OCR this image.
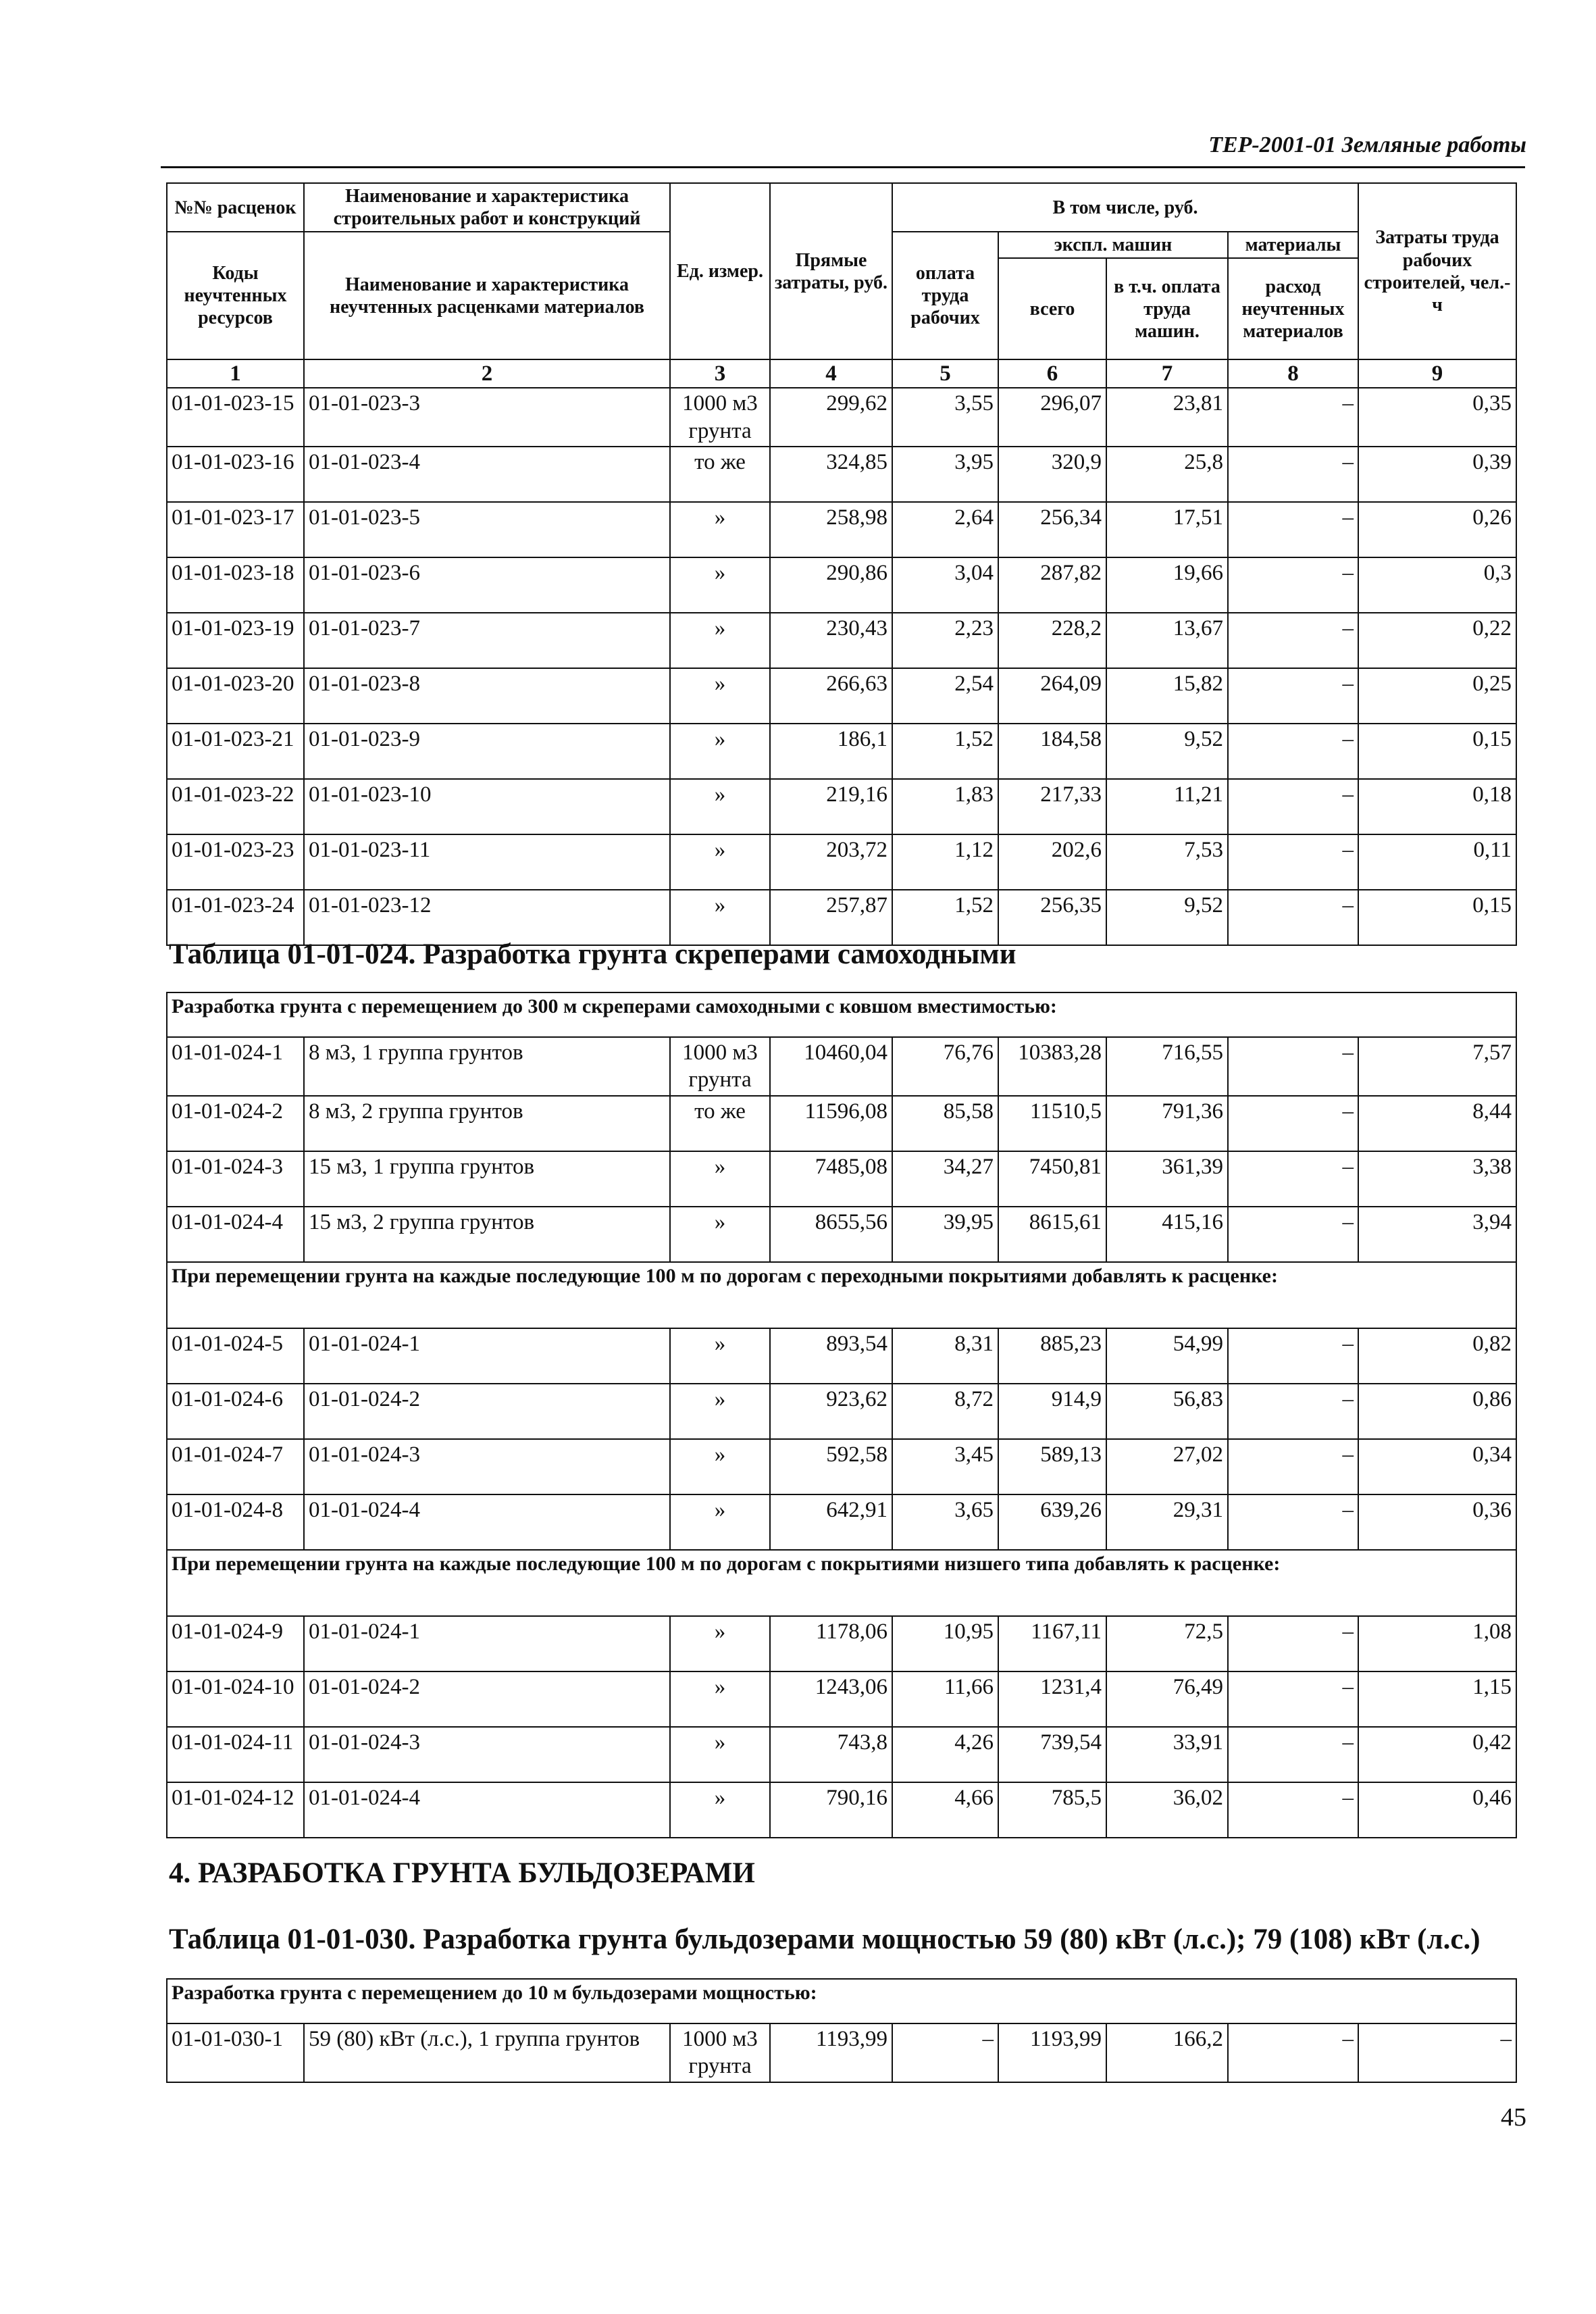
ТЕР-2001-01 Земляные работы
№№ расценок	Наименование и характеристика строительных работ и конструкций	Ед. измер.	Прямые затраты, руб.	В том числе, руб.				Затраты труда рабочих строителей, чел.-ч
Коды неучтенных ресурсов	Наименование и характеристика неучтенных расценками материалов			оплата труда рабочих	экспл. машин		материалы	
					всего	в т.ч. оплата труда машин.	расход неучтенных материалов	

1	2	3	4	5	6	7	8	9
01-01-023-15	01-01-023-3	1000 м3 грунта	299,62	3,55	296,07	23,81	–	0,35
01-01-023-16	01-01-023-4	то же	324,85	3,95	320,9	25,8	–	0,39
01-01-023-17	01-01-023-5	»	258,98	2,64	256,34	17,51	–	0,26
01-01-023-18	01-01-023-6	»	290,86	3,04	287,82	19,66	–	0,3
01-01-023-19	01-01-023-7	»	230,43	2,23	228,2	13,67	–	0,22
01-01-023-20	01-01-023-8	»	266,63	2,54	264,09	15,82	–	0,25
01-01-023-21	01-01-023-9	»	186,1	1,52	184,58	9,52	–	0,15
01-01-023-22	01-01-023-10	»	219,16	1,83	217,33	11,21	–	0,18
01-01-023-23	01-01-023-11	»	203,72	1,12	202,6	7,53	–	0,11
01-01-023-24	01-01-023-12	»	257,87	1,52	256,35	9,52	–	0,15
Таблица 01-01-024. Разработка грунта скреперами самоходными
Разработка грунта с перемещением до 300 м скреперами самоходными с ковшом вместимостью:								
01-01-024-1	8 м3, 1 группа грунтов	1000 м3 грунта	10460,04	76,76	10383,28	716,55	–	7,57
01-01-024-2	8 м3, 2 группа грунтов	то же	11596,08	85,58	11510,5	791,36	–	8,44
01-01-024-3	15 м3, 1 группа грунтов	»	7485,08	34,27	7450,81	361,39	–	3,38
01-01-024-4	15 м3, 2 группа грунтов	»	8655,56	39,95	8615,61	415,16	–	3,94
При перемещении грунта на каждые последующие 100 м по дорогам с переходными покрытиями добавлять к расценке:								
01-01-024-5	01-01-024-1	»	893,54	8,31	885,23	54,99	–	0,82
01-01-024-6	01-01-024-2	»	923,62	8,72	914,9	56,83	–	0,86
01-01-024-7	01-01-024-3	»	592,58	3,45	589,13	27,02	–	0,34
01-01-024-8	01-01-024-4	»	642,91	3,65	639,26	29,31	–	0,36
При перемещении грунта на каждые последующие 100 м по дорогам с покрытиями низшего типа добавлять к расценке:								
01-01-024-9	01-01-024-1	»	1178,06	10,95	1167,11	72,5	–	1,08
01-01-024-10	01-01-024-2	»	1243,06	11,66	1231,4	76,49	–	1,15
01-01-024-11	01-01-024-3	»	743,8	4,26	739,54	33,91	–	0,42
01-01-024-12	01-01-024-4	»	790,16	4,66	785,5	36,02	–	0,46
4. РАЗРАБОТКА ГРУНТА БУЛЬДОЗЕРАМИ
Таблица 01-01-030. Разработка грунта бульдозерами мощностью 59 (80) кВт (л.с.); 79 (108) кВт (л.с.)
Разработка грунта с перемещением до 10 м бульдозерами мощностью:
01-01-030-1	59 (80) кВт (л.с.), 1 группа грунтов	1000 м3 грунта	1193,99	–	1193,99	166,2	–	–
45
